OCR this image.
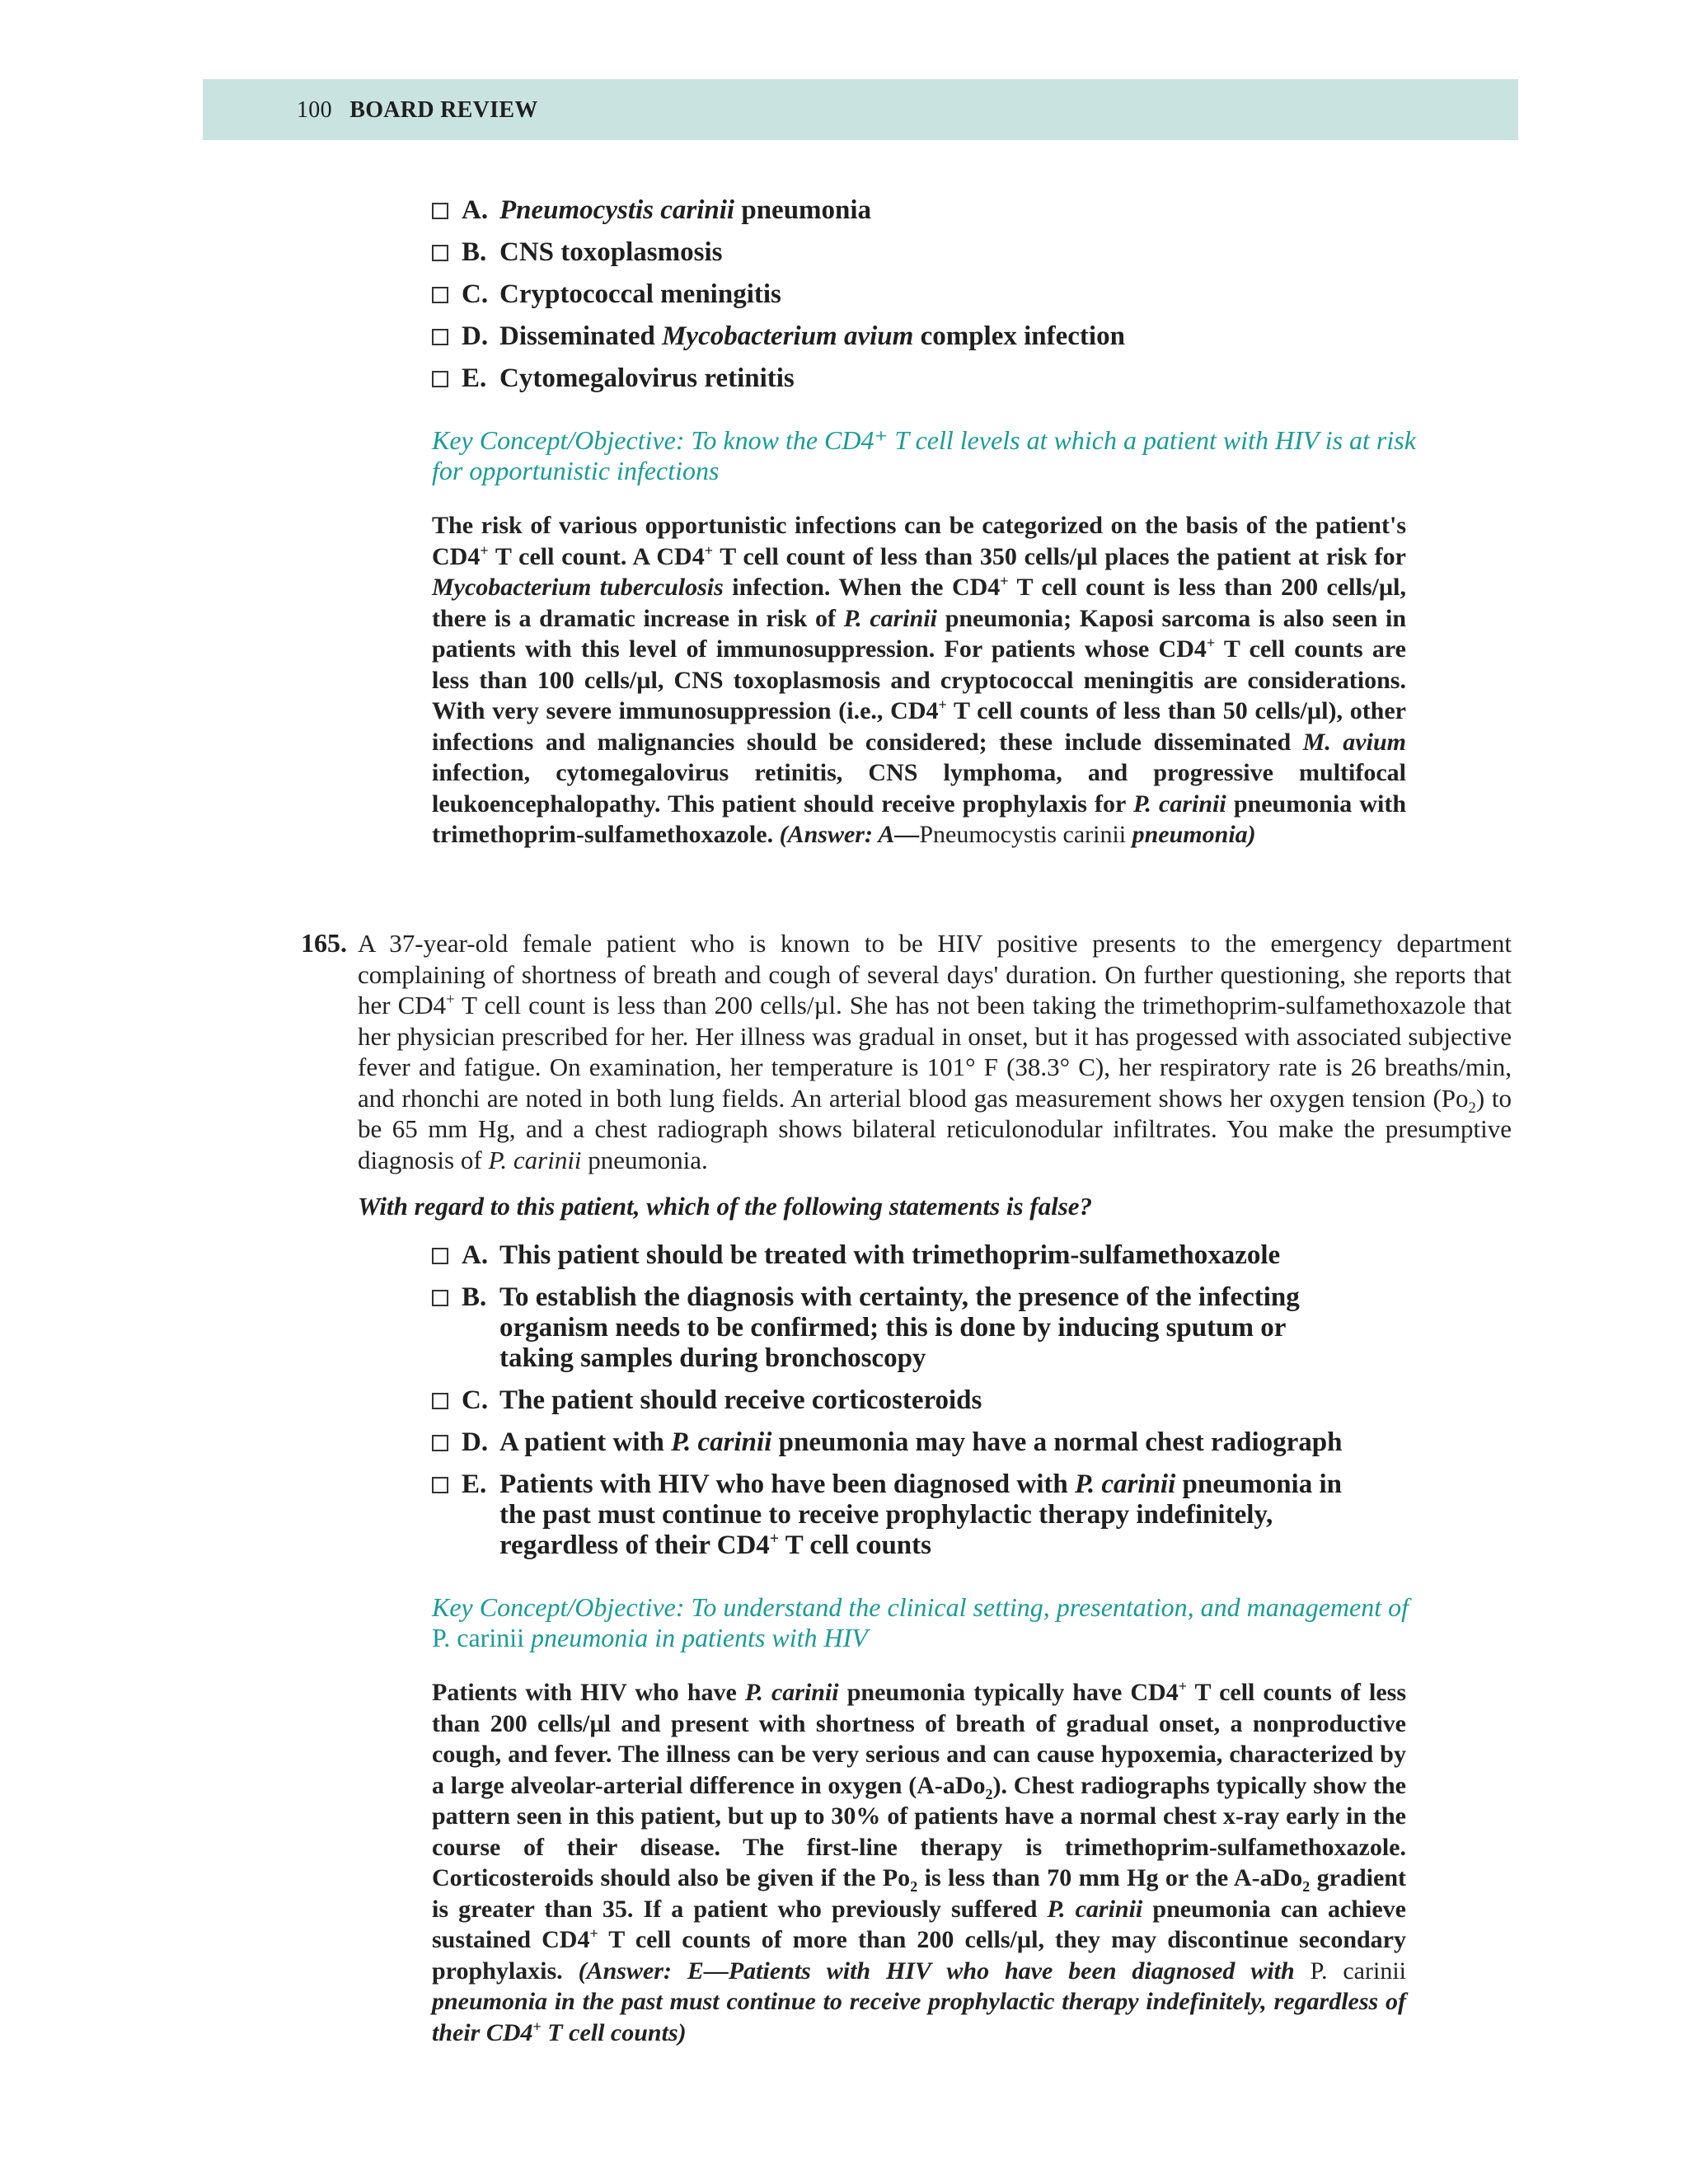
100 BOARD REVIEW
A. Pneumocystis carinii pneumonia
B. CNS toxoplasmosis
C. Cryptococcal meningitis
D. Disseminated Mycobacterium avium complex infection
E. Cytomegalovirus retinitis
Key Concept/Objective: To know the CD4⁺ T cell levels at which a patient with HIV is at risk for opportunistic infections
The risk of various opportunistic infections can be categorized on the basis of the patient's CD4+ T cell count. A CD4+ T cell count of less than 350 cells/µl places the patient at risk for Mycobacterium tuberculosis infection. When the CD4+ T cell count is less than 200 cells/µl, there is a dramatic increase in risk of P. carinii pneumonia; Kaposi sarcoma is also seen in patients with this level of immunosuppression. For patients whose CD4+ T cell counts are less than 100 cells/µl, CNS toxoplasmosis and cryptococcal meningitis are considerations. With very severe immunosuppression (i.e., CD4+ T cell counts of less than 50 cells/µl), other infections and malignancies should be considered; these include disseminated M. avium infection, cytomegalovirus retinitis, CNS lymphoma, and progressive multifocal leukoencephalopathy. This patient should receive prophylaxis for P. carinii pneumonia with trimethoprim-sulfamethoxazole. (Answer: A—Pneumocystis carinii pneumonia)
165. A 37-year-old female patient who is known to be HIV positive presents to the emergency department complaining of shortness of breath and cough of several days' duration. On further questioning, she reports that her CD4+ T cell count is less than 200 cells/µl. She has not been taking the trimethoprim-sulfamethoxazole that her physician prescribed for her. Her illness was gradual in onset, but it has progessed with associated subjective fever and fatigue. On examination, her temperature is 101° F (38.3° C), her respiratory rate is 26 breaths/min, and rhonchi are noted in both lung fields. An arterial blood gas measurement shows her oxygen tension $(Po_2)$ to be 65 mm Hg, and a chest radiograph shows bilateral reticulonodular infiltrates. You make the presumptive diagnosis of P. carinii pneumonia.
With regard to this patient, which of the following statements is false?
A. This patient should be treated with trimethoprim-sulfamethoxazole
B. To establish the diagnosis with certainty, the presence of the infecting organism needs to be confirmed; this is done by inducing sputum or taking samples during bronchoscopy
C. The patient should receive corticosteroids
D. A patient with P. carinii pneumonia may have a normal chest radiograph
E. Patients with HIV who have been diagnosed with P. carinii pneumonia in the past must continue to receive prophylactic therapy indefinitely, regardless of their CD4+ T cell counts
Key Concept/Objective: To understand the clinical setting, presentation, and management of P. carinii pneumonia in patients with HIV
Patients with HIV who have P. carinii pneumonia typically have CD4+ T cell counts of less than 200 cells/µl and present with shortness of breath of gradual onset, a nonproductive cough, and fever. The illness can be very serious and can cause hypoxemia, characterized by a large alveolar-arterial difference in oxygen (A-aDo$_2$). Chest radiographs typically show the pattern seen in this patient, but up to 30% of patients have a normal chest x-ray early in the course of their disease. The first-line therapy is trimethoprim-sulfamethoxazole. Corticosteroids should also be given if the $Po_2$ is less than 70 mm Hg or the A-aDo$_2$ gradient is greater than 35. If a patient who previously suffered P. carinii pneumonia can achieve sustained CD4+ T cell counts of more than 200 cells/µl, they may discontinue secondary prophylaxis. (Answer: E—Patients with HIV who have been diagnosed with P. carinii pneumonia in the past must continue to receive prophylactic therapy indefinitely, regardless of their CD4+ T cell counts)
